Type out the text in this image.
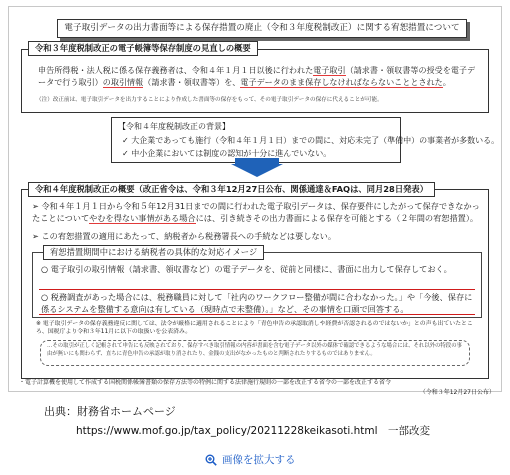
電子取引データの出力書面等による保存措置の廃止（令和３年度税制改正）に関する宥恕措置について
令和３年度税制改正の電子帳簿等保存制度の見直しの概要
申告所得税・法人税に係る保存義務者は、令和４年１月１日以後に行われた電子取引（請求書・領収書等の授受を電子データで行う取引）の取引情報（請求書・領収書等）を、電子データのまま保存しなければならないこととされた。
（注）改正前は、電子取引データを出力することにより作成した書面等の保存をもって、その電子取引データの保存に代えることが可能。
【令和４年度税制改正の背景】
✓ 大企業であっても施行（令和４年１月１日）までの間に、対応未完了（準備中）の事業者が多数いる。
✓ 中小企業においては制度の認知が十分に進んでいない。
令和４年度税制改正の概要（改正省令は、令和３年12月27日公布、関係通達＆FAQは、同月28日発表）
➢ 令和４年１月１日から令和５年12月31日までの間に行われた電子取引データは、保存要件にしたがって保存できなかったことについてやむを得ない事情がある場合には、引き続きその出力書面による保存を可能とする（２年間の宥恕措置）。
➢ この宥恕措置の適用にあたって、納税者から税務署長への手続などは要しない。
宥恕措置期間中における納税者の具体的な対応イメージ
○ 電子取引の取引情報（請求書、領収書など）の電子データを、従前と同様に、書面に出力して保存しておく。
○ 税務調査があった場合には、税務職員に対して「社内のワークフロー整備が間に合わなかった。」や「今後、保存に係るシステムを整備する意向は有している（現時点で未整備）。」など、その事情を口頭で回答する。
※ 電子取引データの保存義務違反に関しては、法令が厳格に適用されることにより「青色申告の承認取消しや経費が否認されるのではないか」との声も出ていたところ、国税庁より令和３年11月に以下の取扱いを公表済み。
…その取引が正しく記帳されて申告にも反映されており、保存すべき取引情報の内容が書面を含む電子データ以外の媒体で確認できるような場合には、それ以外の特段の事由が無いにも関わらず、直ちに青色申告の承認が取り消されたり、金銭の支出がなかったものと判断されたりするものではありません。
・電子計算機を使用して作成する国税関係帳簿書類の保存方法等の特例に関する法律施行規則の一部を改正する省令の一部を改正する省令
（令和３年12月27日公布）
出典：財務省ホームページ
https://www.mof.go.jp/tax_policy/20211228keikasoti.html　一部改変
画像を拡大する
